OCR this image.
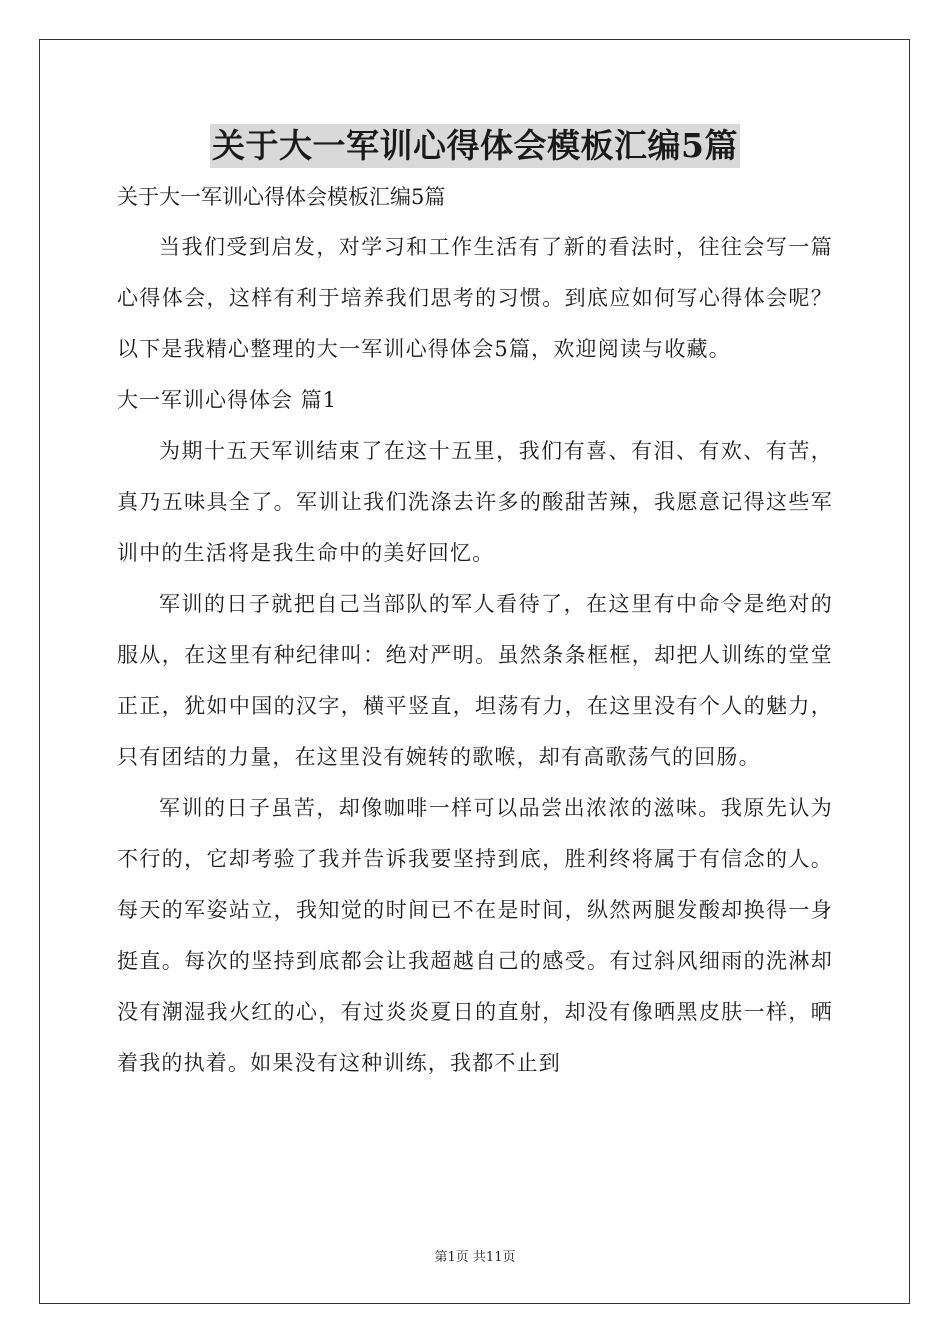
关于大一军训心得体会模板汇编5篇

关于大一军训心得体会模板汇编5篇

当我们受到启发，对学习和工作生活有了新的看法时，往往会写一篇心得体会，这样有利于培养我们思考的习惯。到底应如何写心得体会呢？以下是我精心整理的大一军训心得体会5篇，欢迎阅读与收藏。

大一军训心得体会 篇1

为期十五天军训结束了在这十五里，我们有喜、有泪、有欢、有苦，真乃五味具全了。军训让我们洗涤去许多的酸甜苦辣，我愿意记得这些军训中的生活将是我生命中的美好回忆。

军训的日子就把自己当部队的军人看待了，在这里有中命令是绝对的服从，在这里有种纪律叫：绝对严明。虽然条条框框，却把人训练的堂堂正正，犹如中国的汉字，横平竖直，坦荡有力，在这里没有个人的魅力，只有团结的力量，在这里没有婉转的歌喉，却有高歌荡气的回肠。

军训的日子虽苦，却像咖啡一样可以品尝出浓浓的滋味。我原先认为不行的，它却考验了我并告诉我要坚持到底，胜利终将属于有信念的人。每天的军姿站立，我知觉的时间已不在是时间，纵然两腿发酸却换得一身挺直。每次的坚持到底都会让我超越自己的感受。有过斜风细雨的洗淋却没有潮湿我火红的心，有过炎炎夏日的直射，却没有像晒黑皮肤一样，晒着我的执着。如果没有这种训练，我都不止到

第1页 共11页
